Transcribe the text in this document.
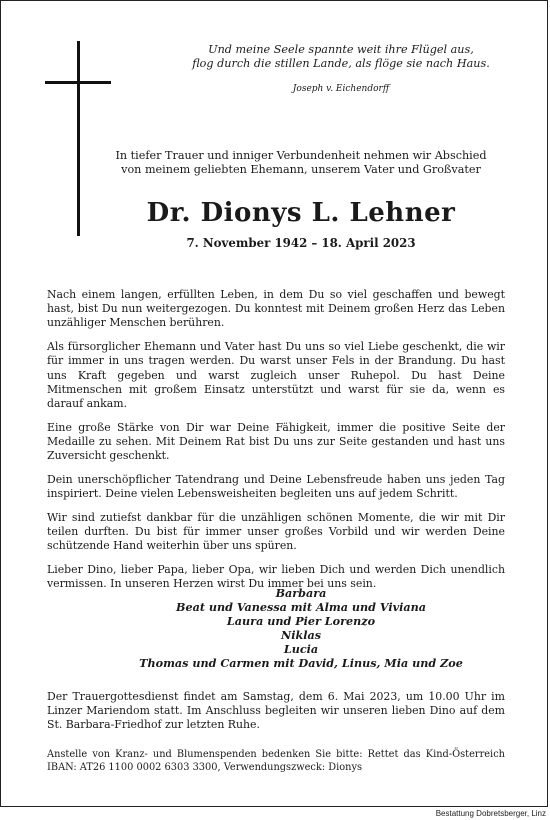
Und meine Seele spannte weit ihre Flügel aus,
flog durch die stillen Lande, als flöge sie nach Haus.
Joseph v. Eichendorff
In tiefer Trauer und inniger Verbundenheit nehmen wir Abschied
von meinem geliebten Ehemann, unserem Vater und Großvater
Dr. Dionys L. Lehner
7. November 1942 – 18. April 2023

Nach einem langen, erfüllten Leben, in dem Du so viel geschaffen und bewegt hast, bist Du nun weitergezogen. Du konntest mit Deinem großen Herz das Leben unzähliger Menschen berühren.

Als fürsorglicher Ehemann und Vater hast Du uns so viel Liebe geschenkt, die wir für immer in uns tragen werden. Du warst unser Fels in der Brandung. Du hast uns Kraft gegeben und warst zugleich unser Ruhepol. Du hast Deine Mitmenschen mit großem Einsatz unterstützt und warst für sie da, wenn es darauf ankam.

Eine große Stärke von Dir war Deine Fähigkeit, immer die positive Seite der Medaille zu sehen. Mit Deinem Rat bist Du uns zur Seite gestanden und hast uns Zuversicht geschenkt.

Dein unerschöpflicher Tatendrang und Deine Lebensfreude haben uns jeden Tag inspiriert. Deine vielen Lebensweisheiten begleiten uns auf jedem Schritt.

Wir sind zutiefst dankbar für die unzähligen schönen Momente, die wir mit Dir teilen durften. Du bist für immer unser großes Vorbild und wir werden Deine schützende Hand weiterhin über uns spüren.

Lieber Dino, lieber Papa, lieber Opa, wir lieben Dich und werden Dich unendlich vermissen. In unseren Herzen wirst Du immer bei uns sein.

Barbara
Beat und Vanessa mit Alma und Viviana
Laura und Pier Lorenzo
Niklas
Lucia
Thomas und Carmen mit David, Linus, Mia und Zoe

Der Trauergottesdienst findet am Samstag, dem 6. Mai 2023, um 10.00 Uhr im Linzer Mariendom statt. Im Anschluss begleiten wir unseren lieben Dino auf dem St. Barbara-Friedhof zur letzten Ruhe.

Anstelle von Kranz- und Blumenspenden bedenken Sie bitte: Rettet das Kind-Österreich IBAN: AT26 1100 0002 6303 3300, Verwendungszweck: Dionys

Bestattung Dobretsberger, Linz
